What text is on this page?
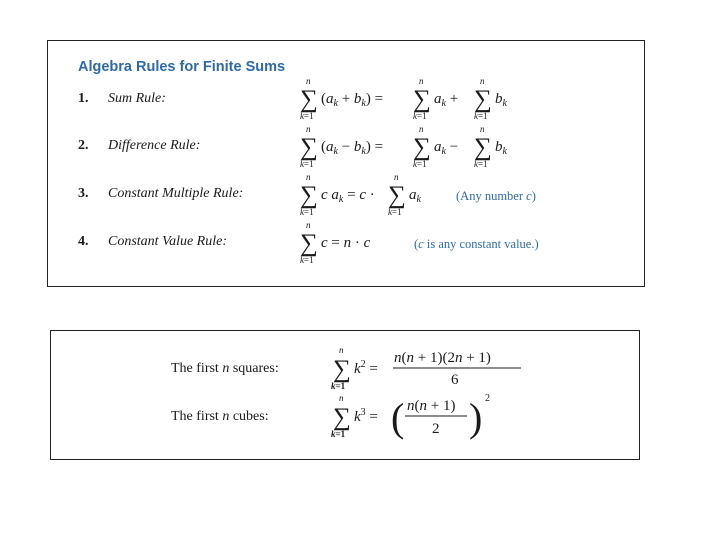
Algebra Rules for Finite Sums
1. Sum Rule:
n
∑
k=1
$(a_k + b_k)$ =
n
∑
k=1
$a_k$ +
n
∑
k=1
$b_k$
2. Difference Rule:
n
∑
k=1
$(a_k - b_k)$ =
n
∑
k=1
$a_k$ −
n
∑
k=1
$b_k$
3. Constant Multiple Rule:
n
∑
k=1
c $a_k = c$ ·
n
∑
k=1
$a_k$	(Any number c)
4. Constant Value Rule:
n
∑
k=1
c = n · c	(c is any constant value.)
The first n squares:
n
∑
k=1
$k^2$ =
n(n + 1)(2n + 1)
6
The first n cubes:
n
∑
k=1
$k^3$ = ( n(n + 1)
2 ) 2
